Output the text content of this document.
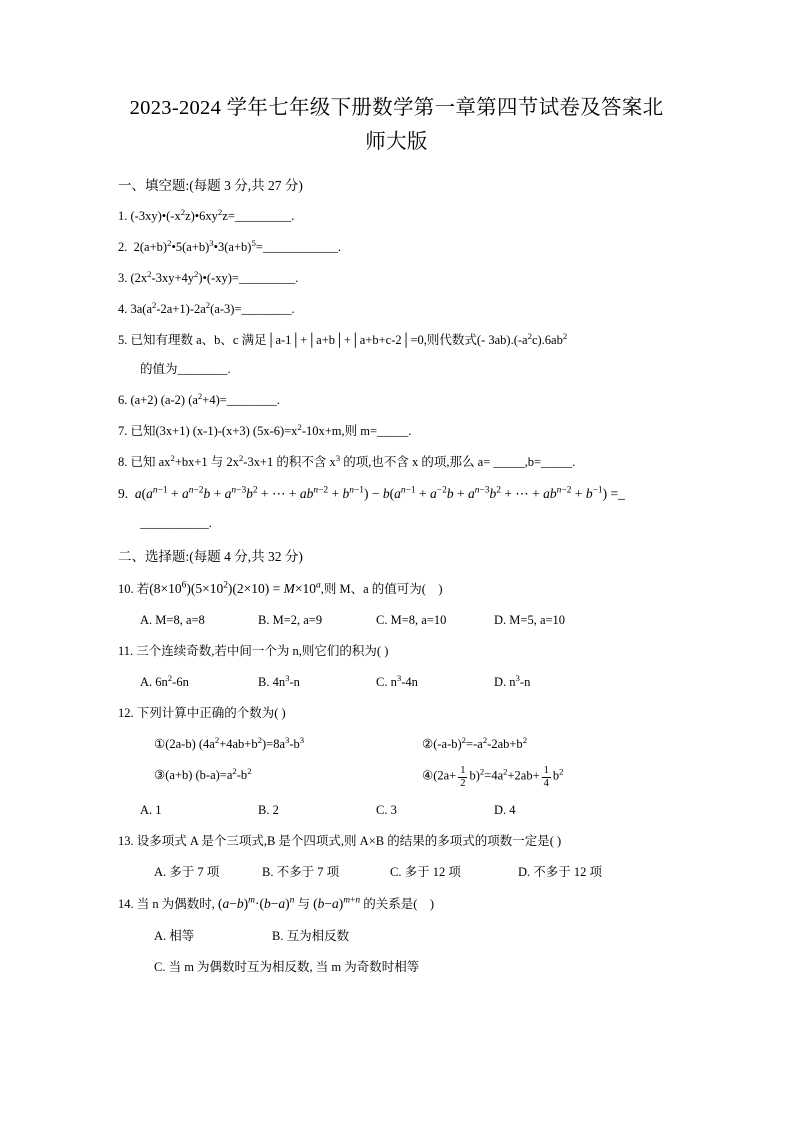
2023-2024 学年七年级下册数学第一章第四节试卷及答案北师大版
一、填空题:(每题 3 分,共 27 分)
1. $(-3xy)•(-x^2z)•6xy^2z=\_\_\_\_\_\_\_\_\_$.
2.  $2(a+b)^2•5(a+b)^3•3(a+b)^5=\_\_\_\_\_\_\_\_\_\_\_\_$.
3. $(2x^2-3xy+4y^2)•(-xy)=\_\_\_\_\_\_\_\_\_$.
4. $3a(a^2-2a+1)-2a^2(a-3)=\_\_\_\_\_\_\_\_$.
5. 已知有理数 a、b、c 满足│a-1│+│a+b│+│a+b+c-2│=0,则代数式(- $3ab).(-a^2c).6ab^2$
的值为________.
6. (a+2) (a-2) $(a^2+4)=\_\_\_\_\_\_\_\_$.
7. 已知(3x+1) (x-1)-(x+3) $(5x-6)=x^2-10x+m$,则 m=_____.
8. 已知 $ax^2+bx+1$ 与 $2x^2-3x+1$ 的积不含 $x^3$ 的项,也不含 x 的项,那么 a= _____,b=_____.
9.  $a(a^{n-1} + a^{n-2}b + a^{n-3}b^2$ + ⋯ + $ab^{n-2} + b^{n-1}) - b(a^{n-1} + a^{-2}b + a^{n-3}b^2$ + ⋯ + $ab^{n-2} + b^{-1}$) =_
___________.
二、选择题:(每题 4 分,共 32 分)
10. 若$(8\times 10^6)(5\times 10^2)(2\times 10) = M\times 10^a$,则 M、a 的值可为(    )
A. M=8, a=8	B. M=2, a=9	C. M=8, a=10	D. M=5, a=10
11. 三个连续奇数,若中间一个为 n,则它们的积为( )
A. $6n^2-6n$	B. $4n^3-n$	C. $n^3-4n$	D. $n^3-n$
12. 下列计算中正确的个数为( )
①(2a-b) $(4a^2+4ab+b^2)=8a^3-b^3$	$②(-a-b)^2=-a^2-2ab+b^2$
③(a+b) $(b-a)=a^2-b^2$	④(2a+ $\frac{1}{2} b)^2=4a^2+2ab+ \frac{1}{4} b^2$
A. 1	B. 2	C. 3	D. 4
13. 设多项式 A 是个三项式,B 是个四项式,则 A×B 的结果的多项式的项数一定是( )
A. 多于 7 项	B. 不多于 7 项	C. 多于 12 项	D. 不多于 12 项
14. 当 n 为偶数时, $(a-b)^m\cdot(b-a)^n$ 与 $(b-a)^{m+n}$ 的关系是(    )
A. 相等	B. 互为相反数
C. 当 m 为偶数时互为相反数, 当 m 为奇数时相等
